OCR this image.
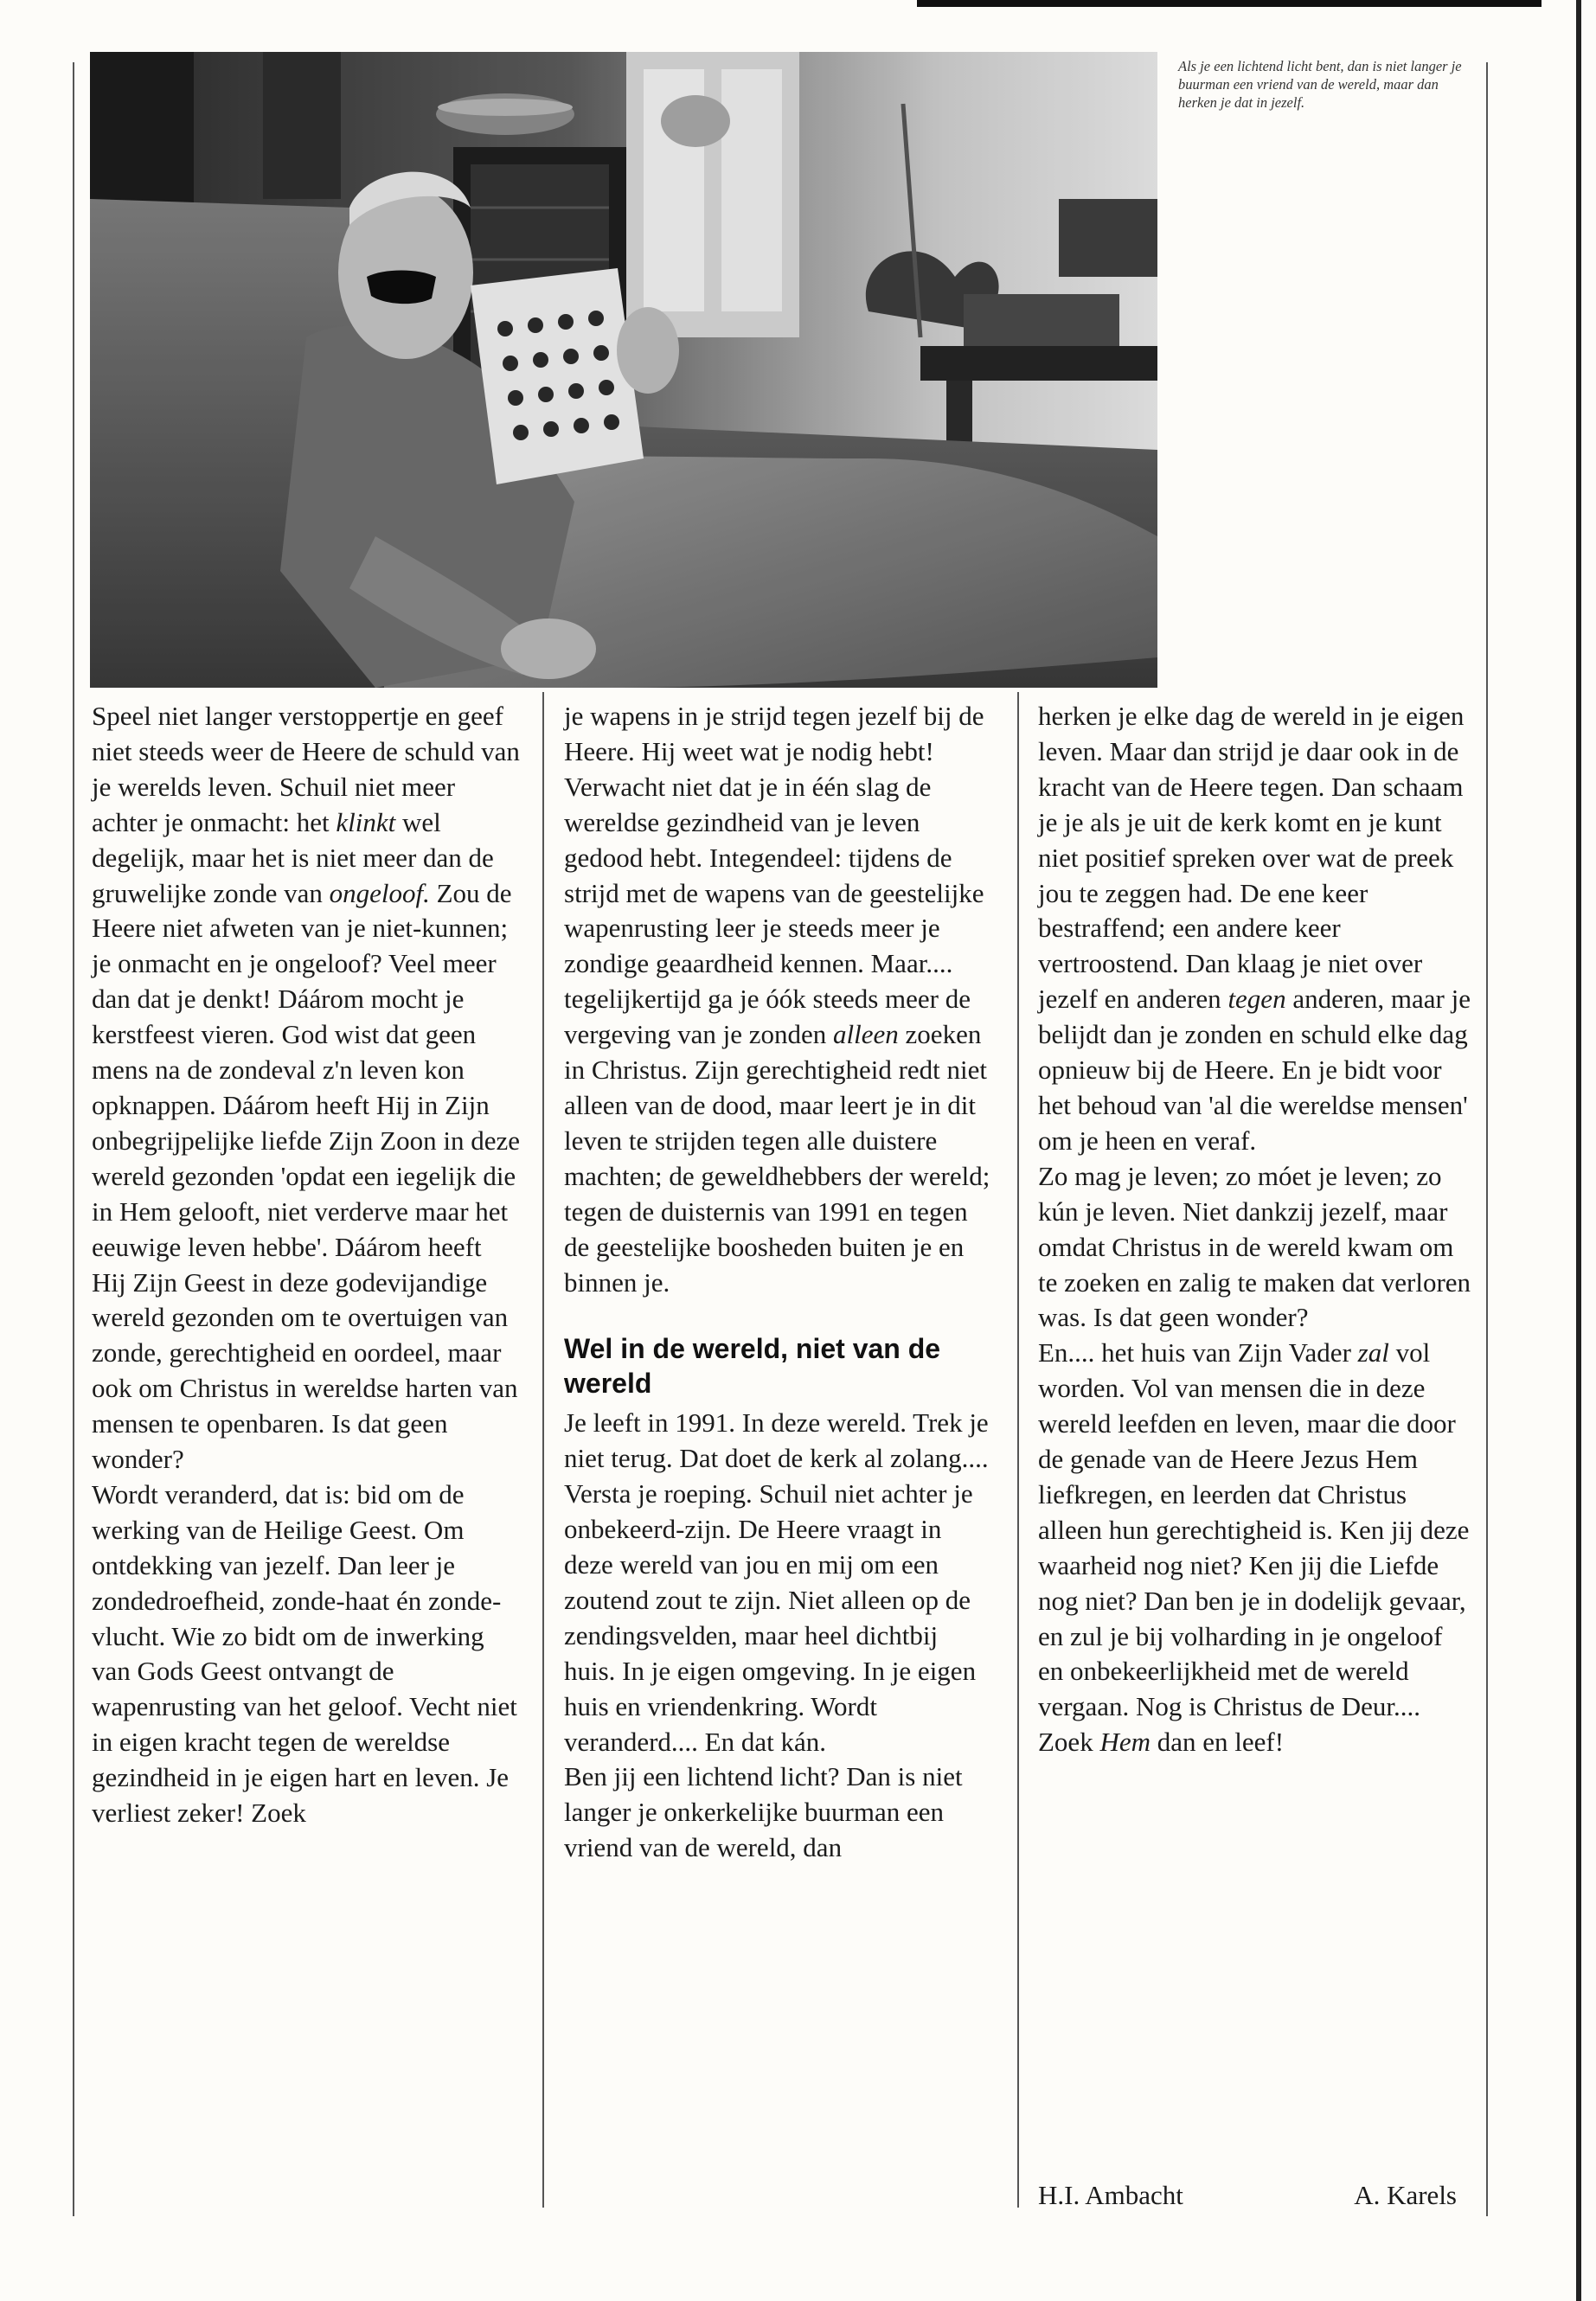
Als je een lichtend licht bent, dan is niet langer je buurman een vriend van de wereld, maar dan herken je dat in jezelf.

Speel niet langer verstoppertje en geef niet steeds weer de Heere de schuld van je werelds leven. Schuil niet meer achter je onmacht: het klinkt wel degelijk, maar het is niet meer dan de gruwelijke zonde van ongeloof. Zou de Heere niet afweten van je niet-kunnen; je onmacht en je ongeloof? Veel meer dan dat je denkt! Dáárom mocht je kerstfeest vieren. God wist dat geen mens na de zondeval z'n leven kon opknappen. Dáárom heeft Hij in Zijn onbegrijpelijke liefde Zijn Zoon in deze wereld gezonden 'opdat een iegelijk die in Hem gelooft, niet verderve maar het eeuwige leven hebbe'. Dáárom heeft Hij Zijn Geest in deze godevijandige wereld gezonden om te overtuigen van zonde, gerechtigheid en oordeel, maar ook om Christus in wereldse harten van mensen te openbaren. Is dat geen wonder?

Wordt veranderd, dat is: bid om de werking van de Heilige Geest. Om ontdekking van jezelf. Dan leer je zondedroefheid, zonde-haat én zonde-vlucht. Wie zo bidt om de inwerking van Gods Geest ontvangt de wapenrusting van het geloof. Vecht niet in eigen kracht tegen de wereldse gezindheid in je eigen hart en leven. Je verliest zeker! Zoek

je wapens in je strijd tegen jezelf bij de Heere. Hij weet wat je nodig hebt!

Verwacht niet dat je in één slag de wereldse gezindheid van je leven gedood hebt. Integendeel: tijdens de strijd met de wapens van de geestelijke wapenrusting leer je steeds meer je zondige geaardheid kennen. Maar.... tegelijkertijd ga je óók steeds meer de vergeving van je zonden alleen zoeken in Christus. Zijn gerechtigheid redt niet alleen van de dood, maar leert je in dit leven te strijden tegen alle duistere machten; de geweldhebbers der wereld; tegen de duisternis van 1991 en tegen de geestelijke boosheden buiten je en binnen je.

Wel in de wereld, niet van de wereld

Je leeft in 1991. In deze wereld. Trek je niet terug. Dat doet de kerk al zolang.... Versta je roeping. Schuil niet achter je onbekeerd-zijn. De Heere vraagt in deze wereld van jou en mij om een zoutend zout te zijn. Niet alleen op de zendingsvelden, maar heel dichtbij huis. In je eigen omgeving. In je eigen huis en vriendenkring. Wordt veranderd.... En dat kán.

Ben jij een lichtend licht? Dan is niet langer je onkerkelijke buurman een vriend van de wereld, dan

herken je elke dag de wereld in je eigen leven. Maar dan strijd je daar ook in de kracht van de Heere tegen. Dan schaam je je als je uit de kerk komt en je kunt niet positief spreken over wat de preek jou te zeggen had. De ene keer bestraffend; een andere keer vertroostend. Dan klaag je niet over jezelf en anderen tegen anderen, maar je belijdt dan je zonden en schuld elke dag opnieuw bij de Heere. En je bidt voor het behoud van 'al die wereldse mensen' om je heen en veraf.

Zo mag je leven; zo móet je leven; zo kún je leven. Niet dankzij jezelf, maar omdat Christus in de wereld kwam om te zoeken en zalig te maken dat verloren was. Is dat geen wonder?

En.... het huis van Zijn Vader zal vol worden. Vol van mensen die in deze wereld leefden en leven, maar die door de genade van de Heere Jezus Hem liefkregen, en leerden dat Christus alleen hun gerechtigheid is. Ken jij deze waarheid nog niet? Ken jij die Liefde nog niet? Dan ben je in dodelijk gevaar, en zul je bij volharding in je ongeloof en onbekeerlijkheid met de wereld vergaan. Nog is Christus de Deur.... Zoek Hem dan en leef!

H.I. Ambacht	A. Karels
